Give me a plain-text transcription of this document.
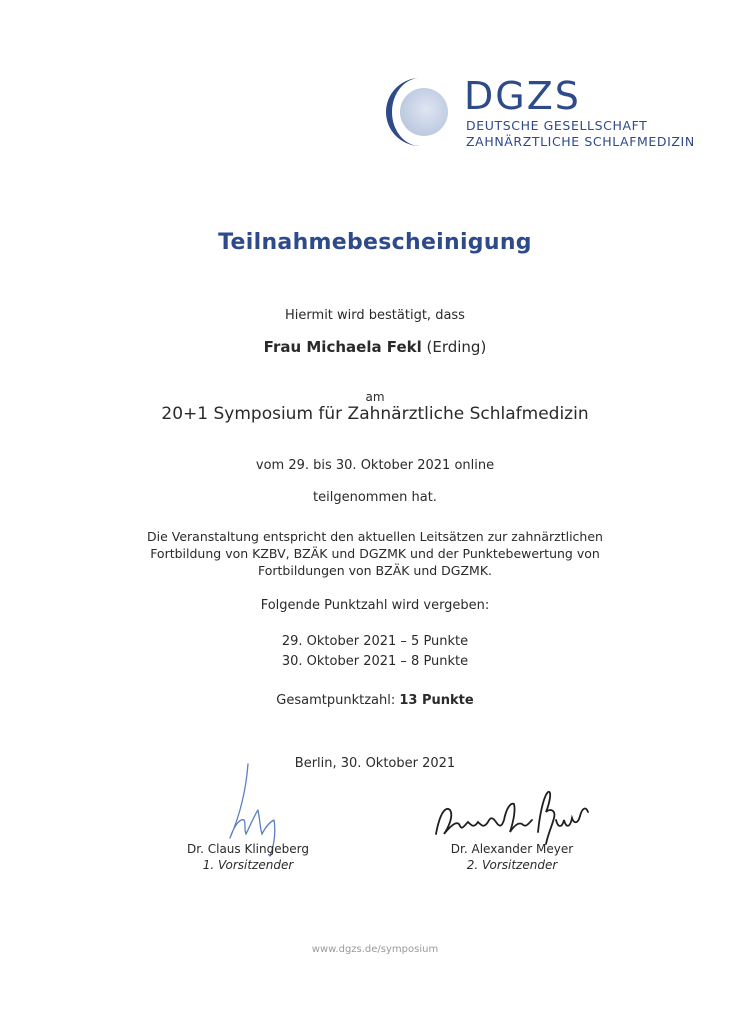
DGZS
DEUTSCHE GESELLSCHAFT
ZAHNÄRZTLICHE SCHLAFMEDIZIN
Teilnahmebescheinigung
Hiermit wird bestätigt, dass
Frau Michaela Fekl (Erding)
am
20+1 Symposium für Zahnärztliche Schlafmedizin
vom 29. bis 30. Oktober 2021 online
teilgenommen hat.
Die Veranstaltung entspricht den aktuellen Leitsätzen zur zahnärztlichen
Fortbildung von KZBV, BZÄK und DGZMK und der Punktebewertung von
Fortbildungen von BZÄK und DGZMK.
Folgende Punktzahl wird vergeben:
29. Oktober 2021 – 5 Punkte
30. Oktober 2021 – 8 Punkte
Gesamtpunktzahl: 13 Punkte
Berlin, 30. Oktober 2021
Dr. Claus Klingeberg
1. Vorsitzender
Dr. Alexander Meyer
2. Vorsitzender
www.dgzs.de/symposium
